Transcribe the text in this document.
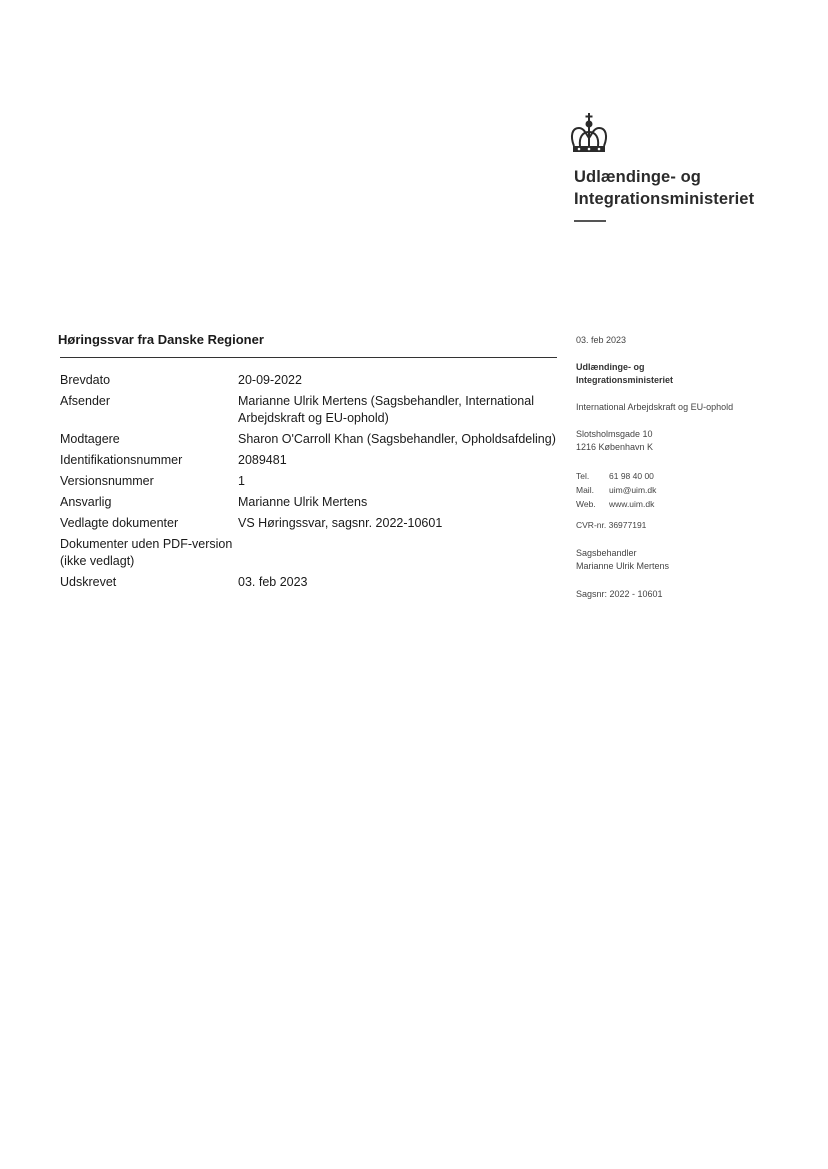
Udlændinge- og
Integrationsministeriet
Høringssvar fra Danske Regioner
Brevdato	20-09-2022
Afsender	Marianne Ulrik Mertens (Sagsbehandler, International Arbejdskraft og EU-ophold)
Modtagere	Sharon O'Carroll Khan (Sagsbehandler, Opholdsafdeling)
Identifikationsnummer	2089481
Versionsnummer	1
Ansvarlig	Marianne Ulrik Mertens
Vedlagte dokumenter	VS Høringssvar, sagsnr. 2022-10601
Dokumenter uden PDF-version (ikke vedlagt)	
Udskrevet	03. feb 2023
03. feb 2023
Udlændinge- og
Integrationsministeriet
International Arbejdskraft og EU-ophold
Slotsholmsgade 10
1216 København K
Tel.	61 98 40 00
Mail.	uim@uim.dk
Web.	www.uim.dk
CVR-nr. 36977191
Sagsbehandler
Marianne Ulrik Mertens
Sagsnr: 2022 - 10601
